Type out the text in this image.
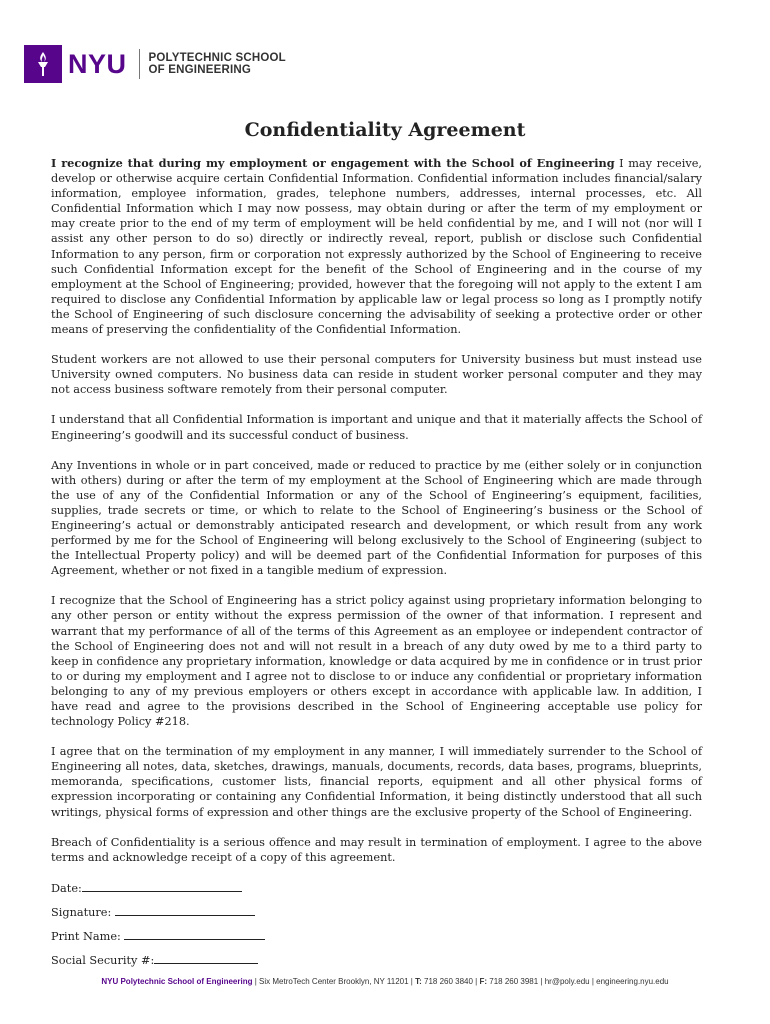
NYU POLYTECHNIC SCHOOL
OF ENGINEERING
Confidentiality Agreement

I recognize that during my employment or engagement with the School of Engineering I may receive, develop or otherwise acquire certain Confidential Information. Confidential information includes financial/salary information, employee information, grades, telephone numbers, addresses, internal processes, etc. All Confidential Information which I may now possess, may obtain during or after the term of my employment or may create prior to the end of my term of employment will be held confidential by me, and I will not (nor will I assist any other person to do so) directly or indirectly reveal, report, publish or disclose such Confidential Information to any person, firm or corporation not expressly authorized by the School of Engineering to receive such Confidential Information except for the benefit of the School of Engineering and in the course of my employment at the School of Engineering; provided, however that the foregoing will not apply to the extent I am required to disclose any Confidential Information by applicable law or legal process so long as I promptly notify the School of Engineering of such disclosure concerning the advisability of seeking a protective order or other means of preserving the confidentiality of the Confidential Information.

Student workers are not allowed to use their personal computers for University business but must instead use University owned computers. No business data can reside in student worker personal computer and they may not access business software remotely from their personal computer.

I understand that all Confidential Information is important and unique and that it materially affects the School of Engineering’s goodwill and its successful conduct of business.

Any Inventions in whole or in part conceived, made or reduced to practice by me (either solely or in conjunction with others) during or after the term of my employment at the School of Engineering which are made through the use of any of the Confidential Information or any of the School of Engineering’s equipment, facilities, supplies, trade secrets or time, or which to relate to the School of Engineering’s business or the School of Engineering’s actual or demonstrably anticipated research and development, or which result from any work performed by me for the School of Engineering will belong exclusively to the School of Engineering (subject to the Intellectual Property policy) and will be deemed part of the Confidential Information for purposes of this Agreement, whether or not fixed in a tangible medium of expression.

I recognize that the School of Engineering has a strict policy against using proprietary information belonging to any other person or entity without the express permission of the owner of that information. I represent and warrant that my performance of all of the terms of this Agreement as an employee or independent contractor of the School of Engineering does not and will not result in a breach of any duty owed by me to a third party to keep in confidence any proprietary information, knowledge or data acquired by me in confidence or in trust prior to or during my employment and I agree not to disclose to or induce any confidential or proprietary information belonging to any of my previous employers or others except in accordance with applicable law. In addition, I have read and agree to the provisions described in the School of Engineering acceptable use policy for technology Policy #218.

I agree that on the termination of my employment in any manner, I will immediately surrender to the School of Engineering all notes, data, sketches, drawings, manuals, documents, records, data bases, programs, blueprints, memoranda, specifications, customer lists, financial reports, equipment and all other physical forms of expression incorporating or containing any Confidential Information, it being distinctly understood that all such writings, physical forms of expression and other things are the exclusive property of the School of Engineering.

Breach of Confidentiality is a serious offence and may result in termination of employment. I agree to the above terms and acknowledge receipt of a copy of this agreement.

Date:
Signature:
Print Name:
Social Security #:
NYU Polytechnic School of Engineering | Six MetroTech Center Brooklyn, NY 11201 | T: 718 260 3840 | F: 718 260 3981 | hr@poly.edu | engineering.nyu.edu
